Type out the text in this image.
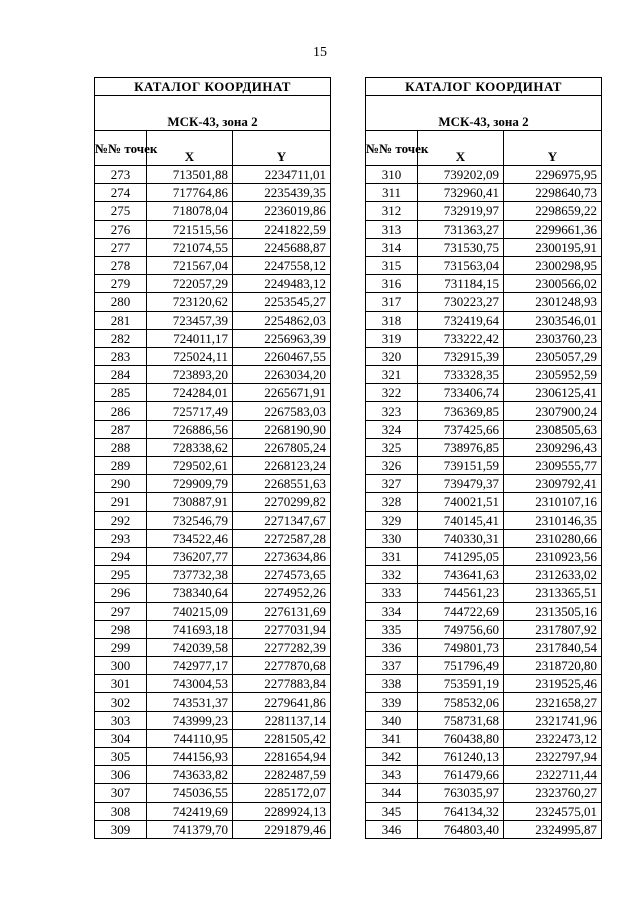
15
КАТАЛОГ КООРДИНАТ		
МСК-43, зона 2		
№№ точек	X	Y
273	713501,88	2234711,01
274	717764,86	2235439,35
275	718078,04	2236019,86
276	721515,56	2241822,59
277	721074,55	2245688,87
278	721567,04	2247558,12
279	722057,29	2249483,12
280	723120,62	2253545,27
281	723457,39	2254862,03
282	724011,17	2256963,39
283	725024,11	2260467,55
284	723893,20	2263034,20
285	724284,01	2265671,91
286	725717,49	2267583,03
287	726886,56	2268190,90
288	728338,62	2267805,24
289	729502,61	2268123,24
290	729909,79	2268551,63
291	730887,91	2270299,82
292	732546,79	2271347,67
293	734522,46	2272587,28
294	736207,77	2273634,86
295	737732,38	2274573,65
296	738340,64	2274952,26
297	740215,09	2276131,69
298	741693,18	2277031,94
299	742039,58	2277282,39
300	742977,17	2277870,68
301	743004,53	2277883,84
302	743531,37	2279641,86
303	743999,23	2281137,14
304	744110,95	2281505,42
305	744156,93	2281654,94
306	743633,82	2282487,59
307	745036,55	2285172,07
308	742419,69	2289924,13
309	741379,70	2291879,46
КАТАЛОГ КООРДИНАТ		
МСК-43, зона 2		
№№ точек	X	Y
310	739202,09	2296975,95
311	732960,41	2298640,73
312	732919,97	2298659,22
313	731363,27	2299661,36
314	731530,75	2300195,91
315	731563,04	2300298,95
316	731184,15	2300566,02
317	730223,27	2301248,93
318	732419,64	2303546,01
319	733222,42	2303760,23
320	732915,39	2305057,29
321	733328,35	2305952,59
322	733406,74	2306125,41
323	736369,85	2307900,24
324	737425,66	2308505,63
325	738976,85	2309296,43
326	739151,59	2309555,77
327	739479,37	2309792,41
328	740021,51	2310107,16
329	740145,41	2310146,35
330	740330,31	2310280,66
331	741295,05	2310923,56
332	743641,63	2312633,02
333	744561,23	2313365,51
334	744722,69	2313505,16
335	749756,60	2317807,92
336	749801,73	2317840,54
337	751796,49	2318720,80
338	753591,19	2319525,46
339	758532,06	2321658,27
340	758731,68	2321741,96
341	760438,80	2322473,12
342	761240,13	2322797,94
343	761479,66	2322711,44
344	763035,97	2323760,27
345	764134,32	2324575,01
346	764803,40	2324995,87
